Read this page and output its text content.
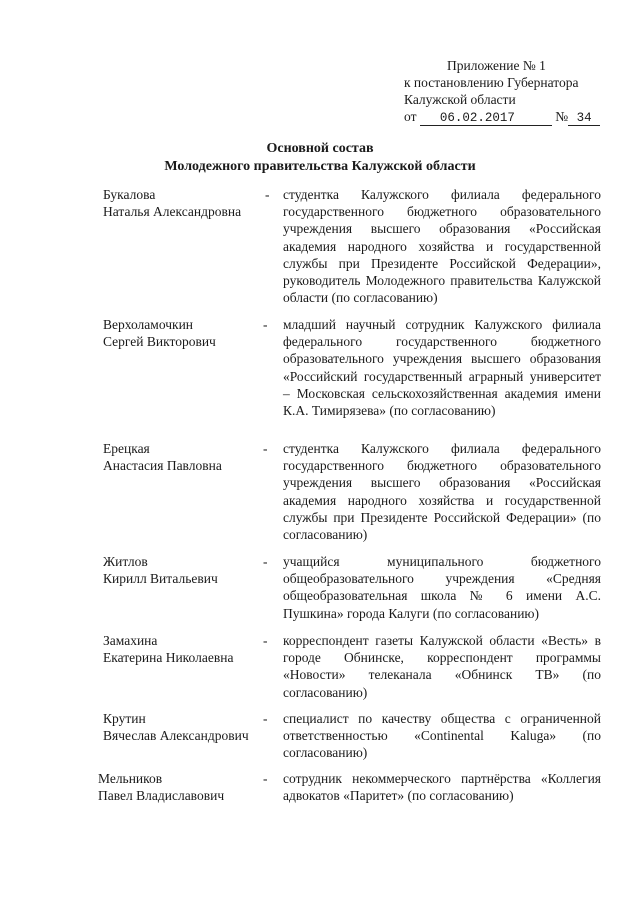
Приложение № 1
к постановлению Губернатора
Калужской области
от 06.02.2017	№ 34
Основной состав
Молодежного правительства Калужской области
Букалова
Наталья Александровна
- студентка Калужского филиала федерального государственного бюджетного образовательного учреждения высшего образования «Российская академия народного хозяйства и государственной службы при Президенте Российской Федерации», руководитель Молодежного правительства Калужской области (по согласованию)
Верхоламочкин
Сергей Викторович
- младший научный сотрудник Калужского филиала федерального государственного бюджетного образовательного учреждения высшего образования «Российский государственный аграрный университет – Московская сельскохозяйственная академия имени К.А. Тимирязева» (по согласованию)
Ерецкая
Анастасия Павловна
- студентка Калужского филиала федерального государственного бюджетного образовательного учреждения высшего образования «Российская академия народного хозяйства и государственной службы при Президенте Российской Федерации» (по согласованию)
Житлов
Кирилл Витальевич
- учащийся муниципального бюджетного общеобразовательного учреждения «Средняя общеобразовательная школа № 6 имени А.С. Пушкина» города Калуги (по согласованию)
Замахина
Екатерина Николаевна
- корреспондент газеты Калужской области «Весть» в городе Обнинске, корреспондент программы «Новости» телеканала «Обнинск ТВ» (по согласованию)
Крутин
Вячеслав Александрович
- специалист по качеству общества с ограниченной ответственностью «Continental Kaluga» (по согласованию)
Мельников
Павел Владиславович
- сотрудник некоммерческого партнёрства «Коллегия адвокатов «Паритет» (по согласованию)
